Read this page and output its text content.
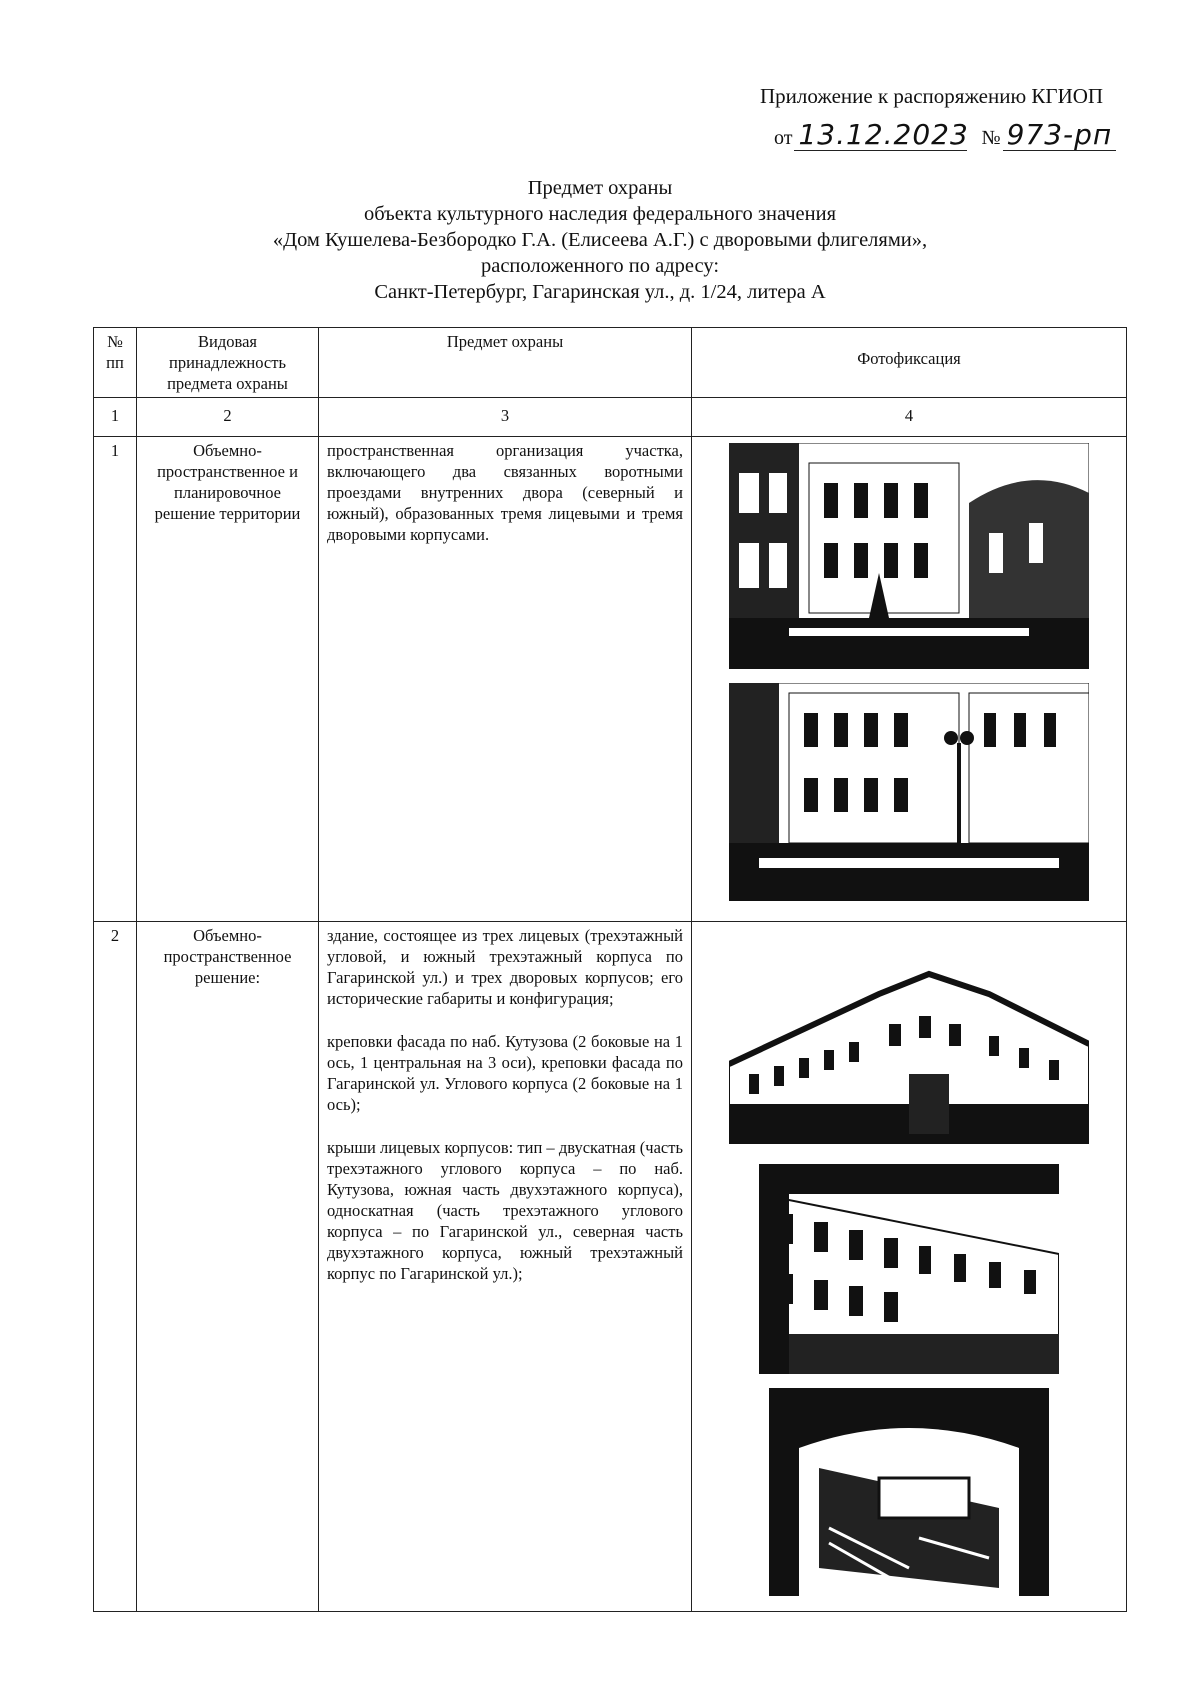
Приложение к распоряжению КГИОП
от 13.12.2023 № 973-рп
Предмет охраны
объекта культурного наследия федерального значения
«Дом Кушелева-Безбородко Г.А. (Елисеева А.Г.) с дворовыми флигелями»,
расположенного по адресу:
Санкт-Петербург, Гагаринская ул., д. 1/24, литера А
№ пп	Видовая принадлежность предмета охраны	Предмет охраны	Фотофиксация
1	2	3	4
1	Объемно-пространственное и планировочное решение территории	пространственная организация участка, включающего два связанных воротными проездами внутренних двора (северный и южный), образованных тремя лицевыми и тремя дворовыми корпусами.

2	Объемно-пространственное решение:	здание, состоящее из трех лицевых (трехэтажный угловой, и южный трехэтажный корпуса по Гагаринской ул.) и трех дворовых корпусов; его исторические габариты и конфигурация;
креповки фасада по наб. Кутузова (2 боковые на 1 ось, 1 центральная на 3 оси), креповки фасада по Гагаринской ул. Углового корпуса (2 боковые на 1 ось);
крыши лицевых корпусов: тип – двускатная (часть трехэтажного углового корпуса – по наб. Кутузова, южная часть двухэтажного корпуса), односкатная (часть трехэтажного углового корпуса – по Гагаринской ул., северная часть двухэтажного корпуса, южный трехэтажный корпус по Гагаринской ул.);
